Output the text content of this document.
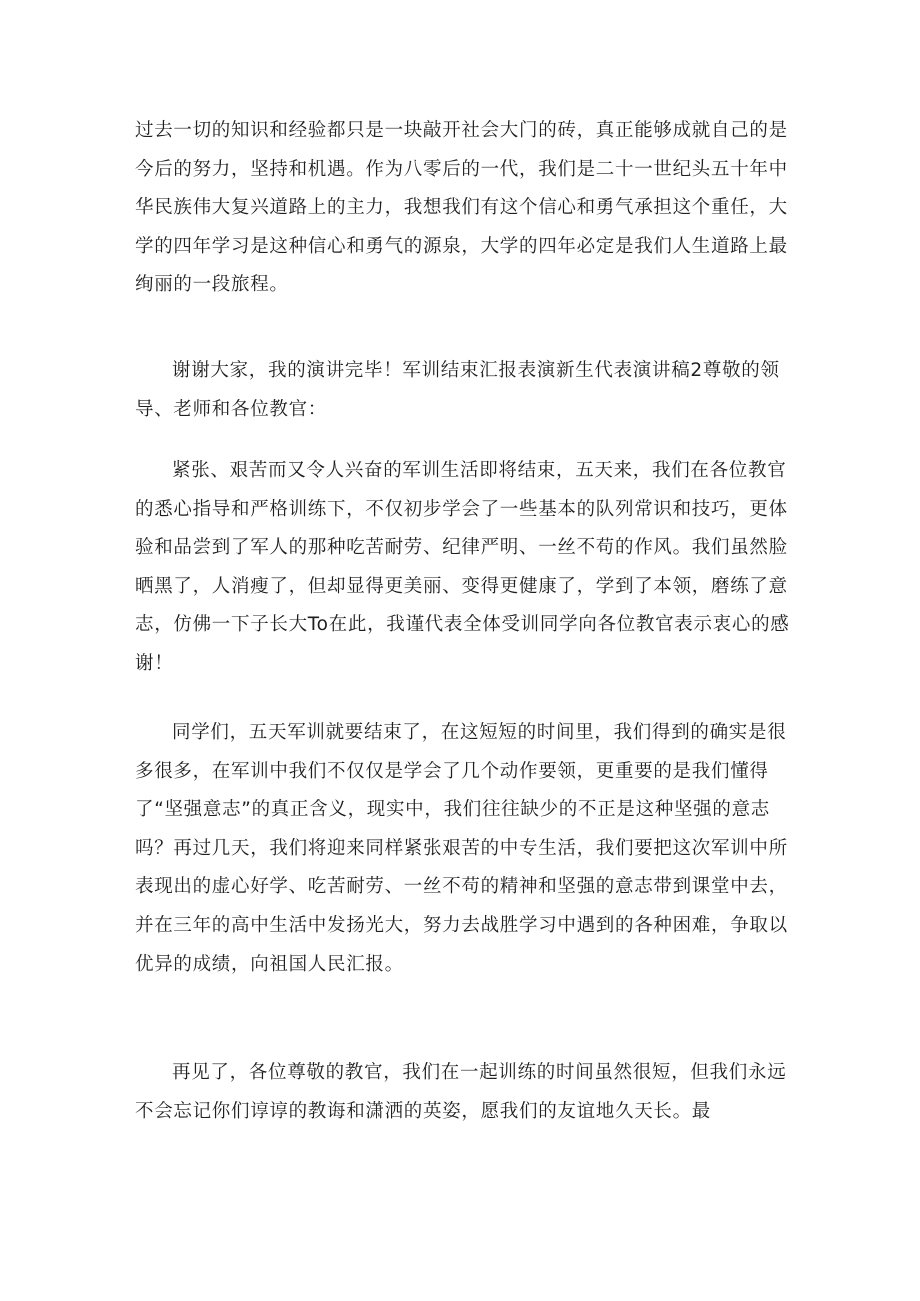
过去一切的知识和经验都只是一块敲开社会大门的砖，真正能够成就自己的是今后的努力，坚持和机遇。作为八零后的一代，我们是二十一世纪头五十年中华民族伟大复兴道路上的主力，我想我们有这个信心和勇气承担这个重任，大学的四年学习是这种信心和勇气的源泉，大学的四年必定是我们人生道路上最绚丽的一段旅程。

谢谢大家，我的演讲完毕！军训结束汇报表演新生代表演讲稿2尊敬的领导、老师和各位教官：

紧张、艰苦而又令人兴奋的军训生活即将结束，五天来，我们在各位教官的悉心指导和严格训练下，不仅初步学会了一些基本的队列常识和技巧，更体验和品尝到了军人的那种吃苦耐劳、纪律严明、一丝不苟的作风。我们虽然脸晒黑了，人消瘦了，但却显得更美丽、变得更健康了，学到了本领，磨练了意志，仿佛一下子长大To在此，我谨代表全体受训同学向各位教官表示衷心的感谢！

同学们，五天军训就要结束了，在这短短的时间里，我们得到的确实是很多很多，在军训中我们不仅仅是学会了几个动作要领，更重要的是我们懂得了“坚强意志”的真正含义，现实中，我们往往缺少的不正是这种坚强的意志吗？再过几天，我们将迎来同样紧张艰苦的中专生活，我们要把这次军训中所表现出的虚心好学、吃苦耐劳、一丝不苟的精神和坚强的意志带到课堂中去，并在三年的高中生活中发扬光大，努力去战胜学习中遇到的各种困难，争取以优异的成绩，向祖国人民汇报。

再见了，各位尊敬的教官，我们在一起训练的时间虽然很短，但我们永远不会忘记你们谆谆的教诲和潇洒的英姿，愿我们的友谊地久天长。最
